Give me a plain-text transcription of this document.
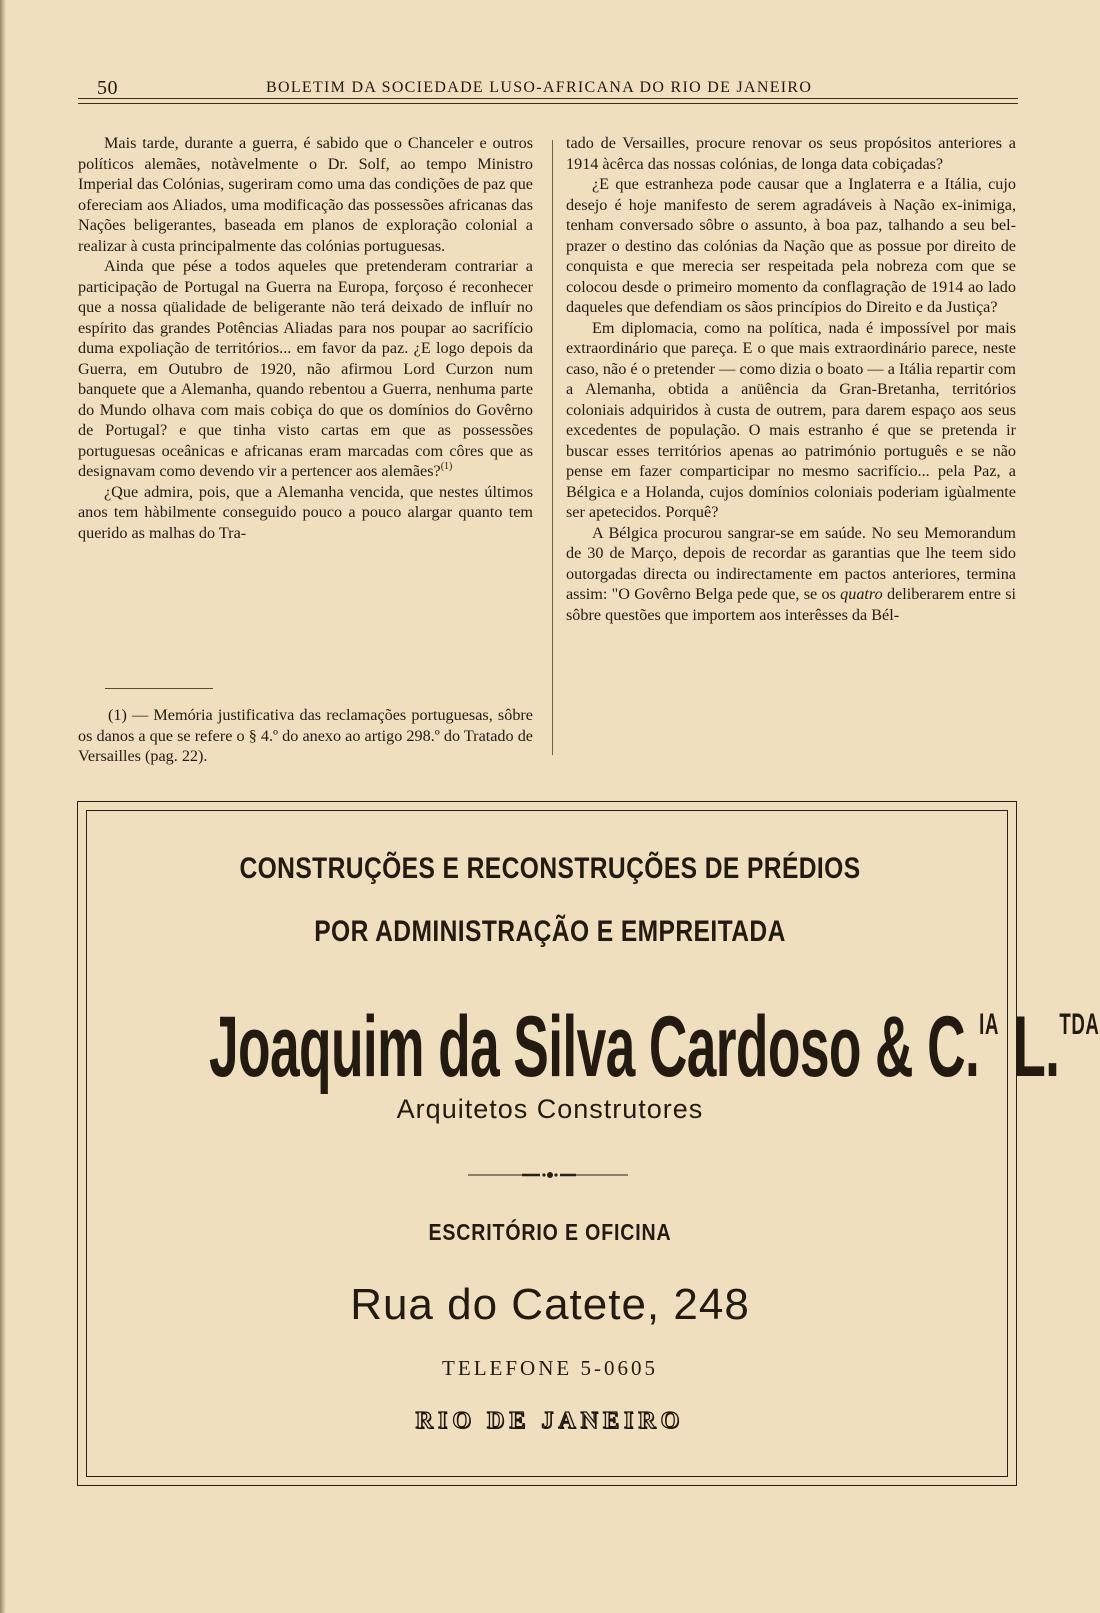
50	BOLETIM DA SOCIEDADE LUSO-AFRICANA DO RIO DE JANEIRO

Mais tarde, durante a guerra, é sabido que o Chanceler e outros políticos alemães, notàvelmente o Dr. Solf, ao tempo Ministro Imperial das Colónias, sugeriram como uma das condições de paz que ofereciam aos Aliados, uma modificação das possessões africanas das Nações beligerantes, baseada em planos de exploração colonial a realizar à custa principalmente das colónias portuguesas.

Ainda que pése a todos aqueles que pretenderam contrariar a participação de Portugal na Guerra na Europa, forçoso é reconhecer que a nossa qüalidade de beligerante não terá deixado de influír no espírito das grandes Potências Aliadas para nos poupar ao sacrifício duma expoliação de territórios... em favor da paz. ¿E logo depois da Guerra, em Outubro de 1920, não afirmou Lord Curzon num banquete que a Alemanha, quando rebentou a Guerra, nenhuma parte do Mundo olhava com mais cobiça do que os domínios do Govêrno de Portugal? e que tinha visto cartas em que as possessões portuguesas oceânicas e africanas eram marcadas com côres que as designavam como devendo vir a pertencer aos alemães?$^{(1)}$

¿Que admira, pois, que a Alemanha vencida, que nestes últimos anos tem hàbilmente conseguido pouco a pouco alargar quanto tem querido as malhas do Tra-

tado de Versailles, procure renovar os seus propósitos anteriores a 1914 àcêrca das nossas colónias, de longa data cobiçadas?

¿E que estranheza pode causar que a Inglaterra e a Itália, cujo desejo é hoje manifesto de serem agradáveis à Nação ex-inimiga, tenham conversado sôbre o assunto, à boa paz, talhando a seu bel-prazer o destino das colónias da Nação que as possue por direito de conquista e que merecia ser respeitada pela nobreza com que se colocou desde o primeiro momento da conflagração de 1914 ao lado daqueles que defendiam os sãos princípios do Direito e da Justiça?

Em diplomacia, como na política, nada é impossível por mais extraordinário que pareça. E o que mais extraordinário parece, neste caso, não é o pretender — como dizia o boato — a Itália repartir com a Alemanha, obtida a anüência da Gran-Bretanha, territórios coloniais adquiridos à custa de outrem, para darem espaço aos seus excedentes de população. O mais estranho é que se pretenda ir buscar esses territórios apenas ao património português e se não pense em fazer comparticipar no mesmo sacrifício... pela Paz, a Bélgica e a Holanda, cujos domínios coloniais poderiam igùalmente ser apetecidos. Porquê?

A Bélgica procurou sangrar-se em saúde. No seu Memorandum de 30 de Março, depois de recordar as garantias que lhe teem sido outorgadas directa ou indirectamente em pactos anteriores, termina assim: "O Govêrno Belga pede que, se os quatro deliberarem entre si sôbre questões que importem aos interêsses da Bél-

(1) — Memória justificativa das reclamações portuguesas, sôbre os danos a que se refere o § 4.º do anexo ao artigo 298.º do Tratado de Versailles (pag. 22).

CONSTRUÇÕES E RECONSTRUÇÕES DE PRÉDIOS
POR ADMINISTRAÇÃO E EMPREITADA
Joaquim da Silva Cardoso & C.$^{IA}$ L.$^{TDA}$
Arquitetos Construtores
ESCRITÓRIO E OFICINA
Rua do Catete, 248
TELEFONE 5-0605
RIO DE JANEIRO
